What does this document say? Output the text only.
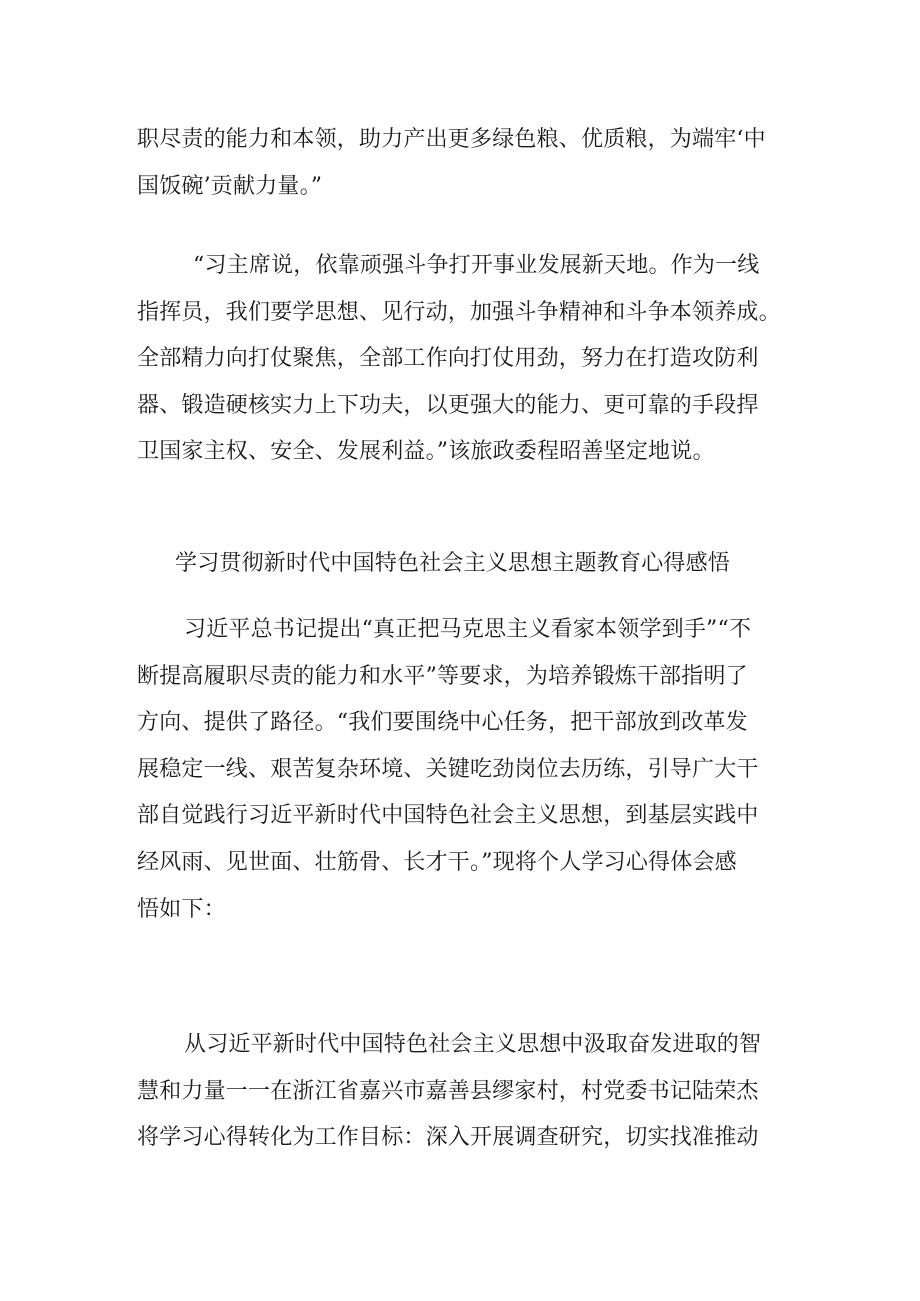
职尽责的能力和本领，助力产出更多绿色粮、优质粮，为端牢‘中
国饭碗’贡献力量。”
“习主席说，依靠顽强斗争打开事业发展新天地。作为一线
指挥员，我们要学思想、见行动，加强斗争精神和斗争本领养成。
全部精力向打仗聚焦，全部工作向打仗用劲，努力在打造攻防利
器、锻造硬核实力上下功夫，以更强大的能力、更可靠的手段捍
卫国家主权、安全、发展利益。”该旅政委程昭善坚定地说。
学习贯彻新时代中国特色社会主义思想主题教育心得感悟
习近平总书记提出“真正把马克思主义看家本领学到手”“不
断提高履职尽责的能力和水平”等要求，为培养锻炼干部指明了
方向、提供了路径。“我们要围绕中心任务，把干部放到改革发
展稳定一线、艰苦复杂环境、关键吃劲岗位去历练，引导广大干
部自觉践行习近平新时代中国特色社会主义思想，到基层实践中
经风雨、见世面、壮筋骨、长才干。”现将个人学习心得体会感
悟如下：
从习近平新时代中国特色社会主义思想中汲取奋发进取的智
慧和力量一一在浙江省嘉兴市嘉善县缪家村，村党委书记陆荣杰
将学习心得转化为工作目标：深入开展调查研究，切实找准推动
